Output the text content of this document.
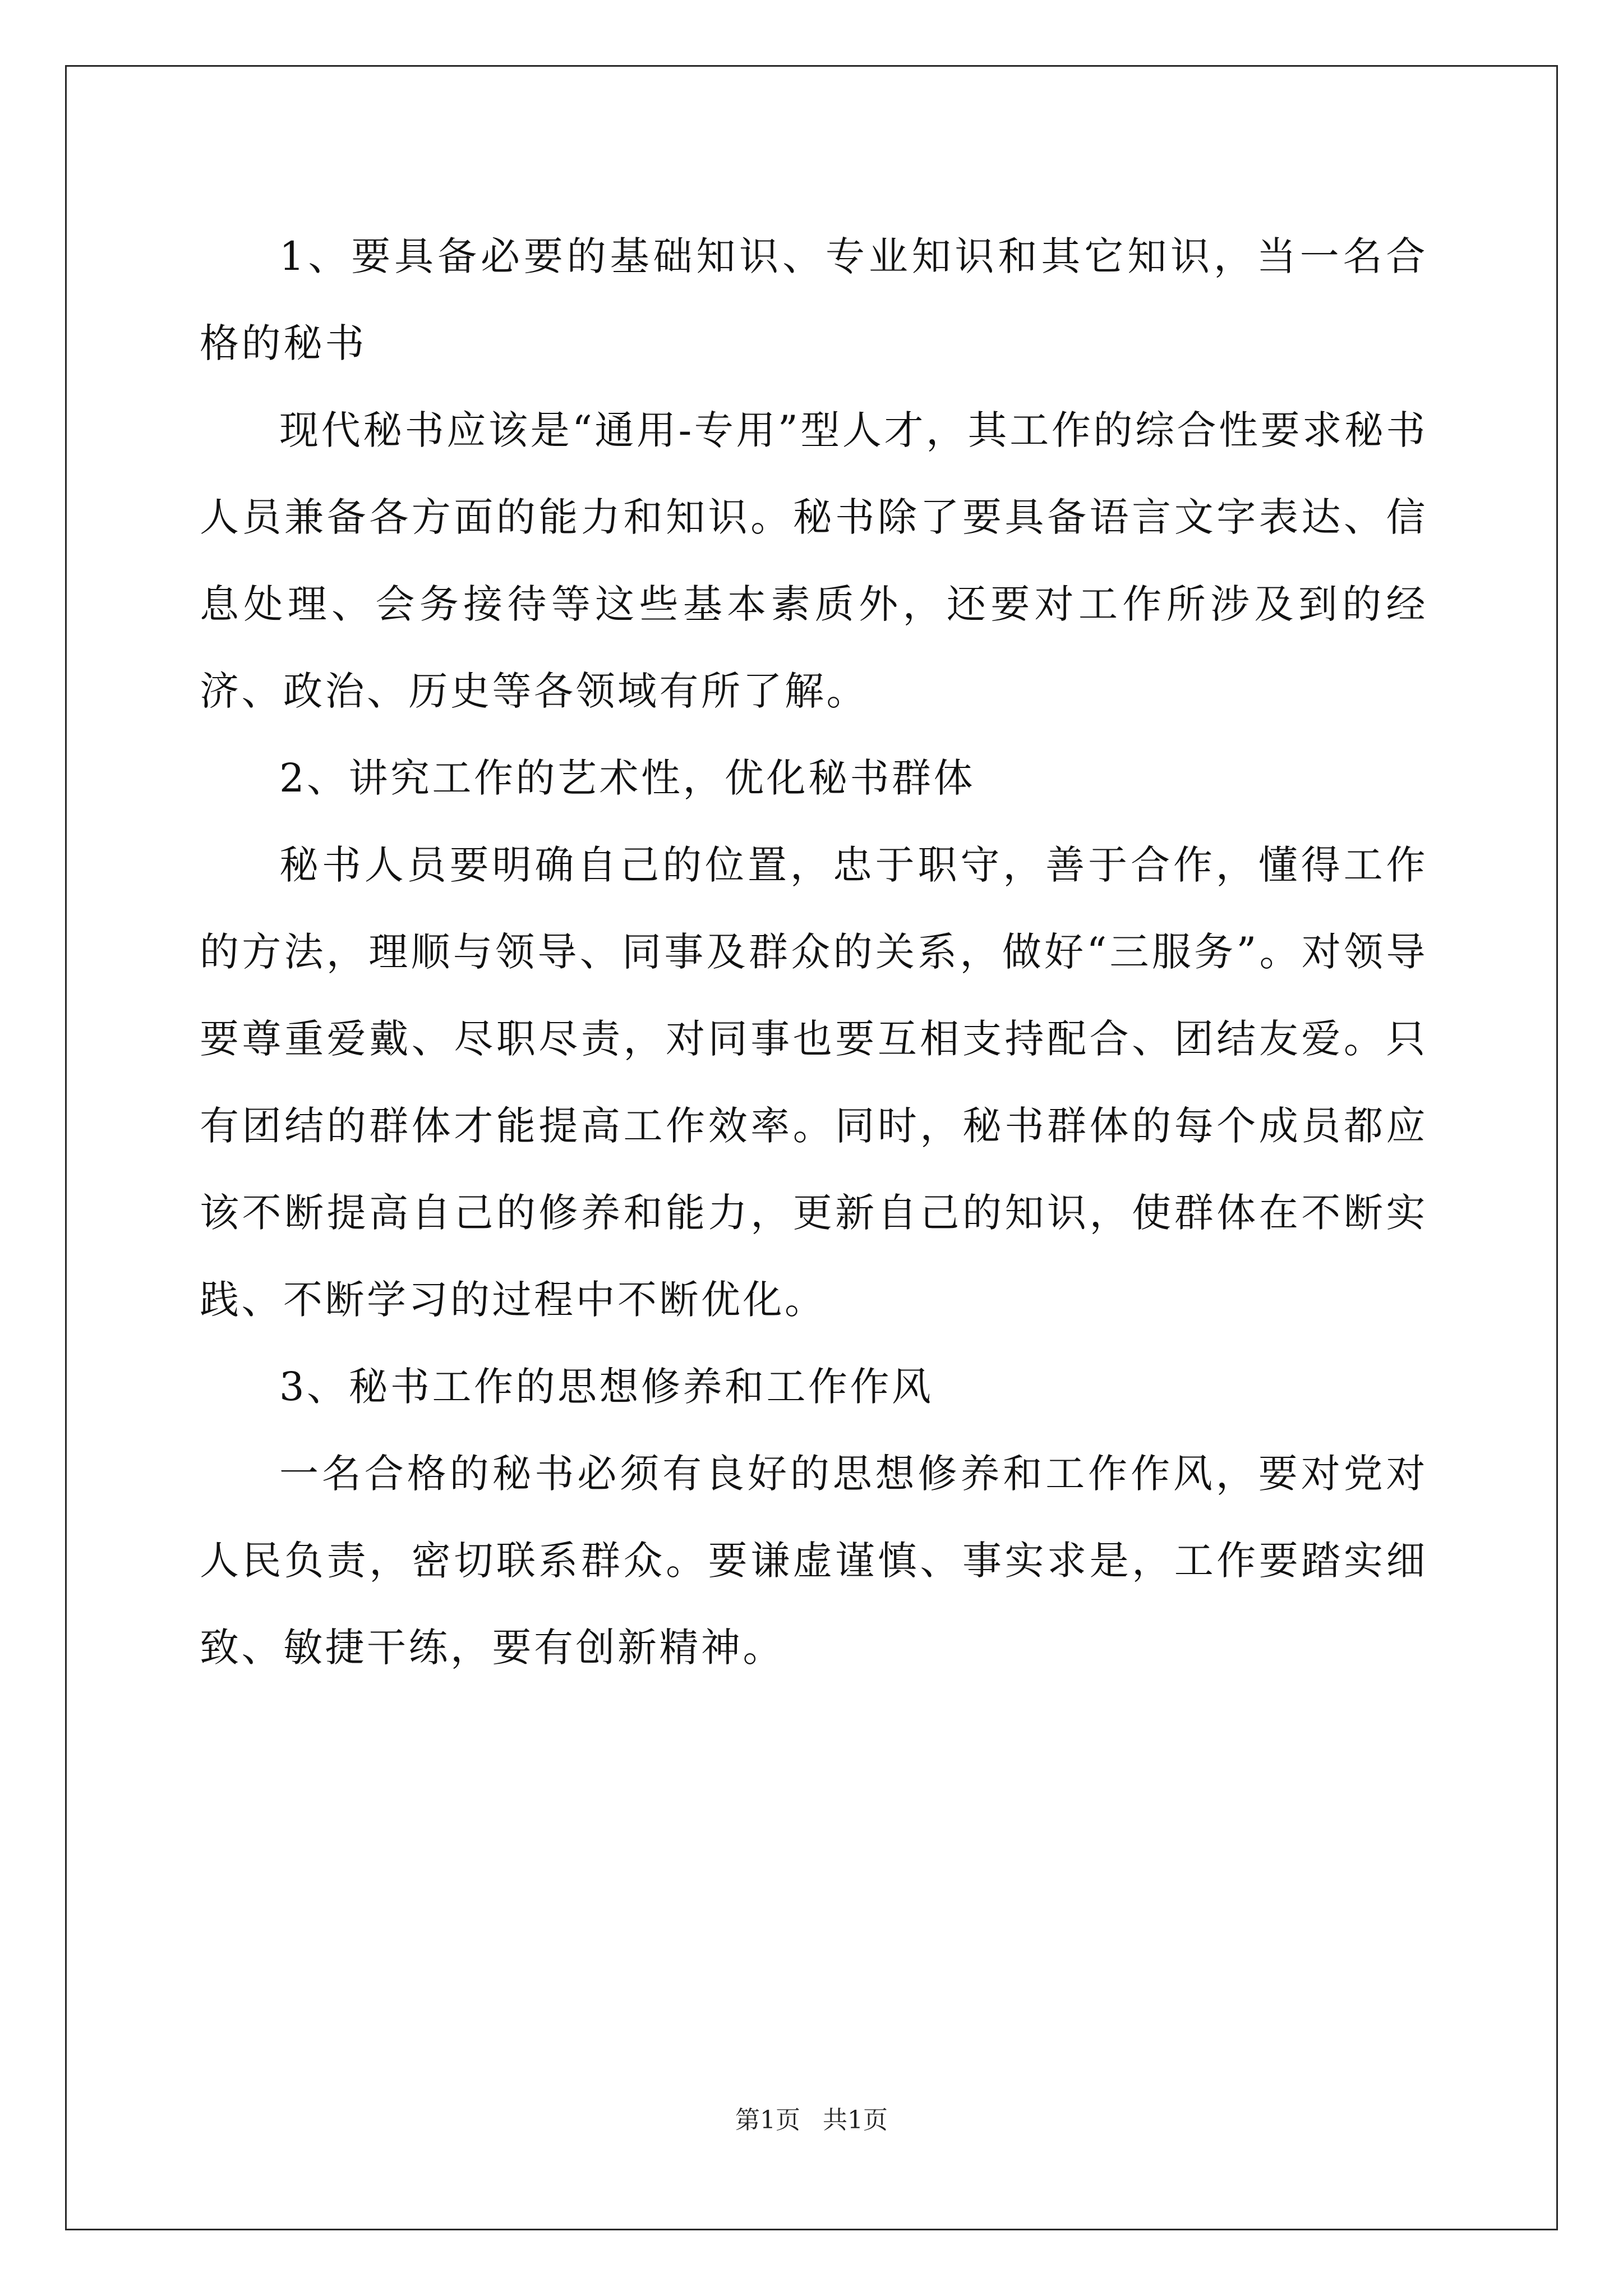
1、要具备必要的基础知识、专业知识和其它知识，当一名合格的秘书

现代秘书应该是“通用-专用”型人才，其工作的综合性要求秘书人员兼备各方面的能力和知识。秘书除了要具备语言文字表达、信息处理、会务接待等这些基本素质外，还要对工作所涉及到的经济、政治、历史等各领域有所了解。

2、讲究工作的艺术性，优化秘书群体

秘书人员要明确自己的位置，忠于职守，善于合作，懂得工作的方法，理顺与领导、同事及群众的关系，做好“三服务”。对领导要尊重爱戴、尽职尽责，对同事也要互相支持配合、团结友爱。只有团结的群体才能提高工作效率。同时，秘书群体的每个成员都应该不断提高自己的修养和能力，更新自己的知识，使群体在不断实践、不断学习的过程中不断优化。

3、秘书工作的思想修养和工作作风

一名合格的秘书必须有良好的思想修养和工作作风，要对党对人民负责，密切联系群众。要谦虚谨慎、事实求是，工作要踏实细致、敏捷干练，要有创新精神。

第1页 共1页
